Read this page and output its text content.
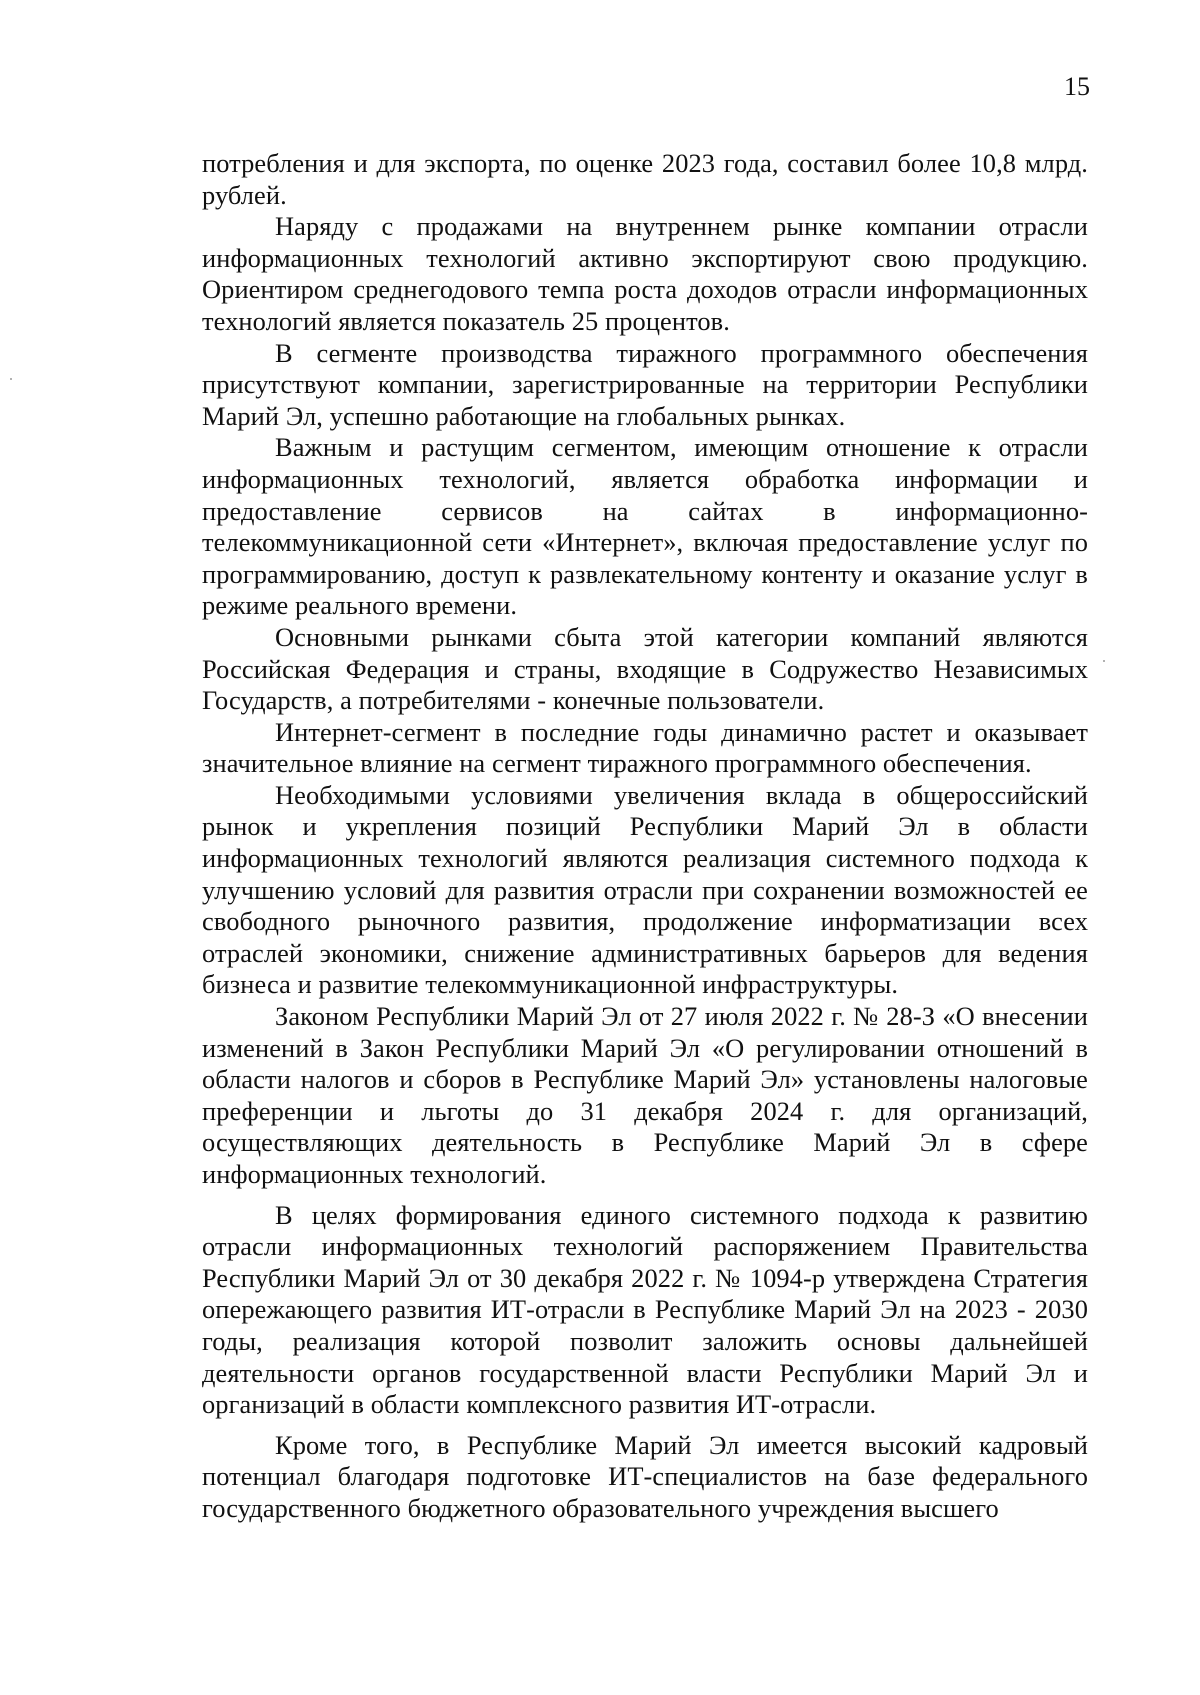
15

потребления и для экспорта, по оценке 2023 года, составил более 10,8 млрд. рублей.

Наряду с продажами на внутреннем рынке компании отрасли информационных технологий активно экспортируют свою продукцию. Ориентиром среднегодового темпа роста доходов отрасли информационных технологий является показатель 25 процентов.

В сегменте производства тиражного программного обеспечения присутствуют компании, зарегистрированные на территории Республики Марий Эл, успешно работающие на глобальных рынках.

Важным и растущим сегментом, имеющим отношение к отрасли информационных технологий, является обработка информации и предоставление сервисов на сайтах в информационно-телекоммуникационной сети «Интернет», включая предоставление услуг по программированию, доступ к развлекательному контенту и оказание услуг в режиме реального времени.

Основными рынками сбыта этой категории компаний являются Российская Федерация и страны, входящие в Содружество Независимых Государств, а потребителями - конечные пользователи.

Интернет-сегмент в последние годы динамично растет и оказывает значительное влияние на сегмент тиражного программного обеспечения.

Необходимыми условиями увеличения вклада в общероссийский рынок и укрепления позиций Республики Марий Эл в области информационных технологий являются реализация системного подхода к улучшению условий для развития отрасли при сохранении возможностей ее свободного рыночного развития, продолжение информатизации всех отраслей экономики, снижение административных барьеров для ведения бизнеса и развитие телекоммуникационной инфраструктуры.

Законом Республики Марий Эл от 27 июля 2022 г. № 28-З «О внесении изменений в Закон Республики Марий Эл «О регулировании отношений в области налогов и сборов в Республике Марий Эл» установлены налоговые преференции и льготы до 31 декабря 2024 г. для организаций, осуществляющих деятельность в Республике Марий Эл в сфере информационных технологий.

В целях формирования единого системного подхода к развитию отрасли информационных технологий распоряжением Правительства Республики Марий Эл от 30 декабря 2022 г. № 1094-р утверждена Стратегия опережающего развития ИТ-отрасли в Республике Марий Эл на 2023 - 2030 годы, реализация которой позволит заложить основы дальнейшей деятельности органов государственной власти Республики Марий Эл и организаций в области комплексного развития ИТ-отрасли.

Кроме того, в Республике Марий Эл имеется высокий кадровый потенциал благодаря подготовке ИТ-специалистов на базе федерального государственного бюджетного образовательного учреждения высшего
